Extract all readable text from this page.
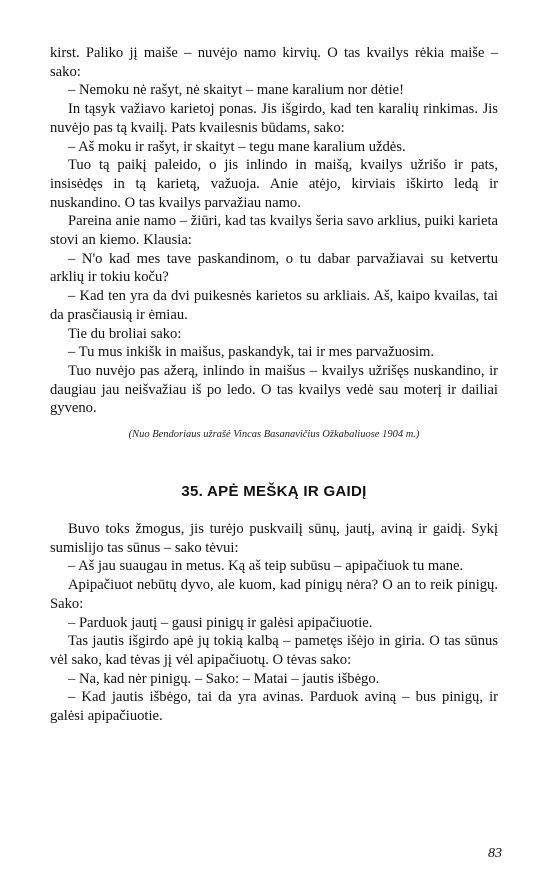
kirst. Paliko jį maiše – nuvėjo namo kirvių. O tas kvailys rėkia maiše – sako:

– Nemoku nė rašyt, nė skaityt – mane karalium nor dėtie!

In tąsyk važiavo karietoj ponas. Jis išgirdo, kad ten karalių rinkimas. Jis nuvėjo pas tą kvailį. Pats kvailesnis būdams, sako:

– Aš moku ir rašyt, ir skaityt – tegu mane karalium uždės.

Tuo tą paikį paleido, o jis inlindo in maišą, kvailys užrišo ir pats, insisėdęs in tą karietą, važuoja. Anie atėjo, kirviais iškirto ledą ir nuskandino. O tas kvailys parvažiau namo.

Pareina anie namo – žiūri, kad tas kvailys šeria savo arklius, puiki karieta stovi an kiemo. Klausia:

– N'o kad mes tave paskandinom, o tu dabar parvažiavai su ketvertu arklių ir tokiu koču?

– Kad ten yra da dvi puikesnės karietos su arkliais. Aš, kaipo kvailas, tai da prasčiausią ir ėmiau.

Tie du broliai sako:

– Tu mus inkišk in maišus, paskandyk, tai ir mes parvažuosim.

Tuo nuvėjo pas ažerą, inlindo in maišus – kvailys užrišęs nuskandino, ir daugiau jau neišvažiau iš po ledo. O tas kvailys vedė sau moterį ir dailiai gyveno.

(Nuo Bendoriaus užrašė Vincas Basanavičius Ožkabaliuose 1904 m.)

35. APĖ MEŠKĄ IR GAIDĮ

Buvo toks žmogus, jis turėjo puskvailį sūnų, jautį, aviną ir gaidį. Sykį sumislijo tas sūnus – sako tėvui:

– Aš jau suaugau in metus. Ką aš teip subūsu – apipačiuok tu mane.

Apipačiuot nebūtų dyvo, ale kuom, kad pinigų nėra? O an to reik pinigų. Sako:

– Parduok jautį – gausi pinigų ir galėsi apipačiuotie.

Tas jautis išgirdo apė jų tokią kalbą – pametęs išėjo in giria. O tas sūnus vėl sako, kad tėvas jį vėl apipačiuotų. O tėvas sako:

– Na, kad nėr pinigų. – Sako: – Matai – jautis išbėgo.

– Kad jautis išbėgo, tai da yra avinas. Parduok aviną – bus pinigų, ir galėsi apipačiuotie.

83
